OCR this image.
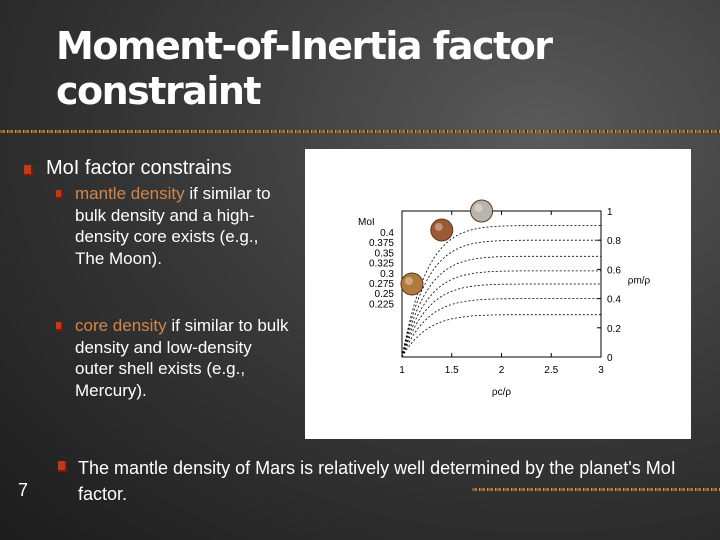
Moment-of-Inertia factor constraint

MoI factor constrains

mantle density if similar to bulk density and a high-density core exists (e.g., The Moon).

core density if similar to bulk density and low-density outer shell exists (e.g., Mercury).

1	1.5	2	2.5	3
0
0.2
0.4
0.6
0.8
1
ρc/ρ
ρm/ρ
MoI
0.4
0.375
0.35
0.325
0.3
0.275
0.25
0.225

The mantle density of Mars is relatively well determined by the planet's MoI factor.

7
